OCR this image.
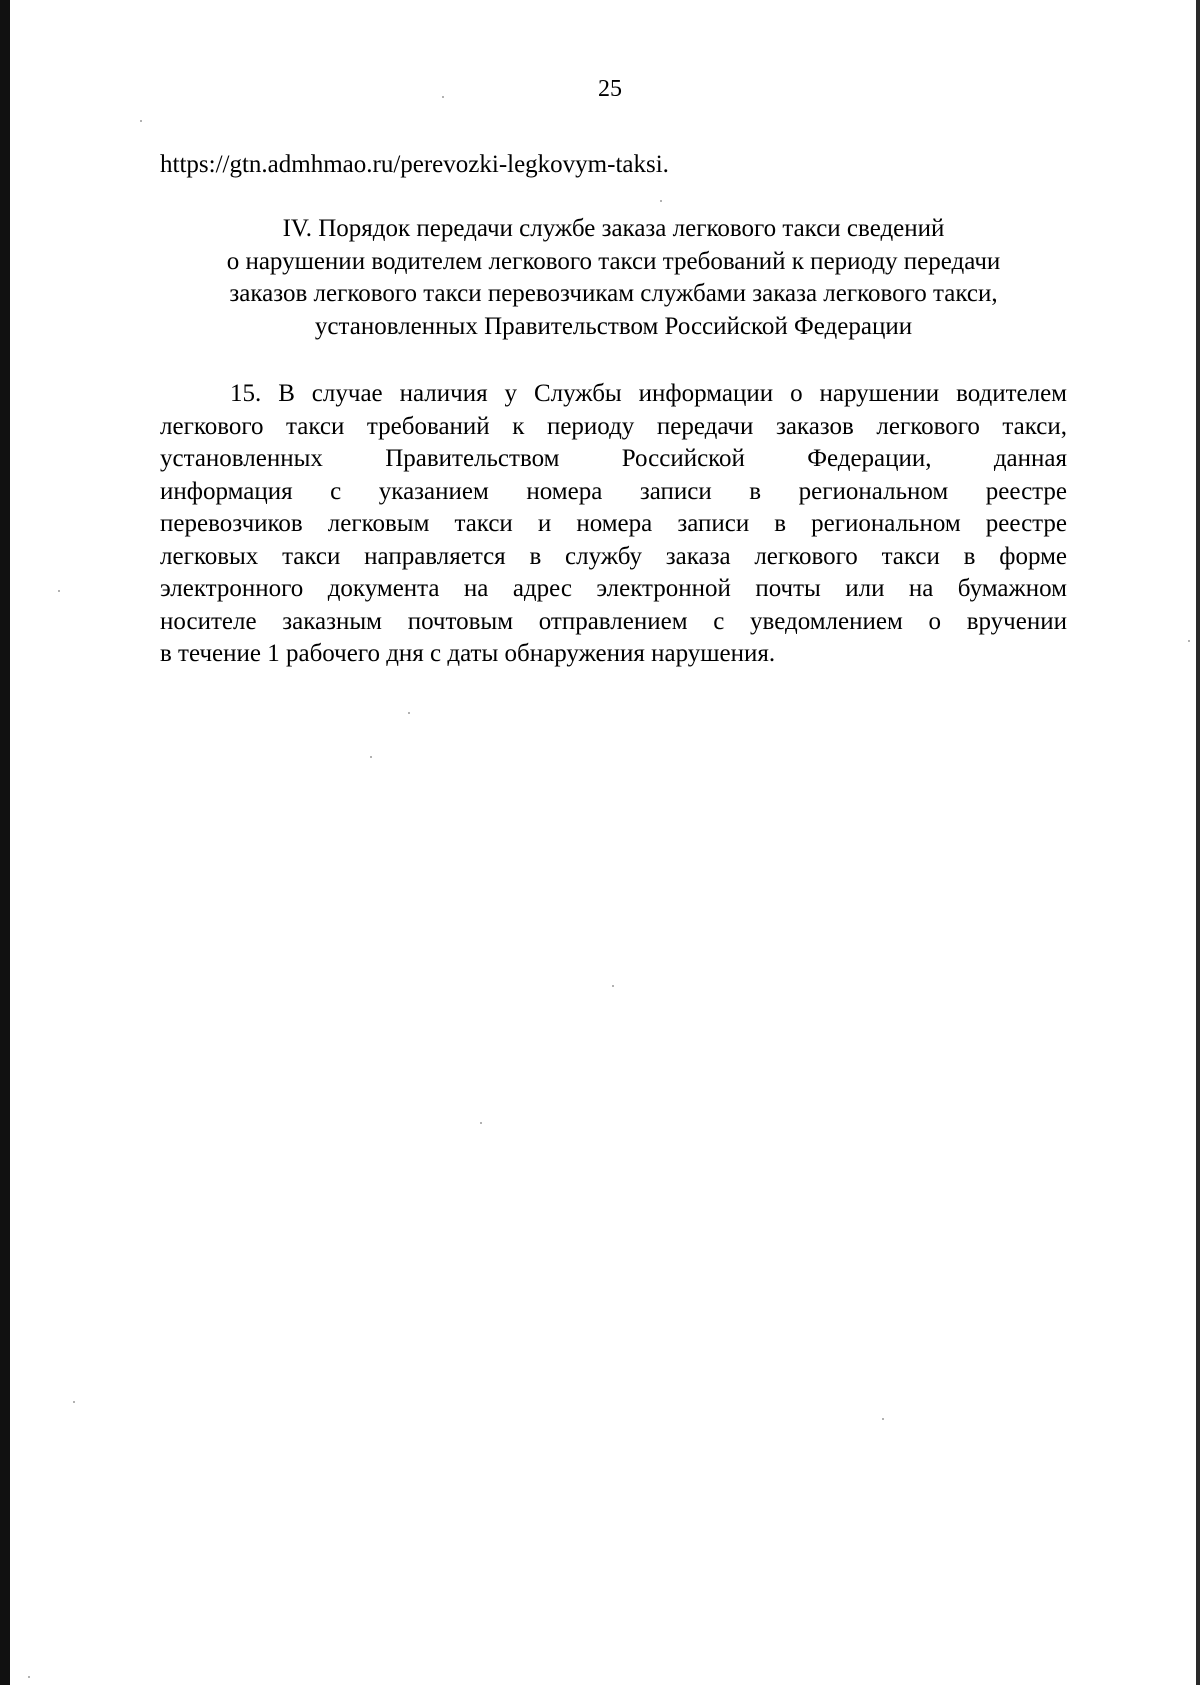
25
https://gtn.admhmao.ru/perevozki-legkovym-taksi.
IV. Порядок передачи службе заказа легкового такси сведений
о нарушении водителем легкового такси требований к периоду передачи
заказов легкового такси перевозчикам службами заказа легкового такси,
установленных Правительством Российской Федерации
15. В случае наличия у Службы информации о нарушении водителем
легкового такси требований к периоду передачи заказов легкового такси,
установленных Правительством Российской Федерации, данная
информация с указанием номера записи в региональном реестре
перевозчиков легковым такси и номера записи в региональном реестре
легковых такси направляется в службу заказа легкового такси в форме
электронного документа на адрес электронной почты или на бумажном
носителе заказным почтовым отправлением с уведомлением о вручении
в течение 1 рабочего дня с даты обнаружения нарушения.
